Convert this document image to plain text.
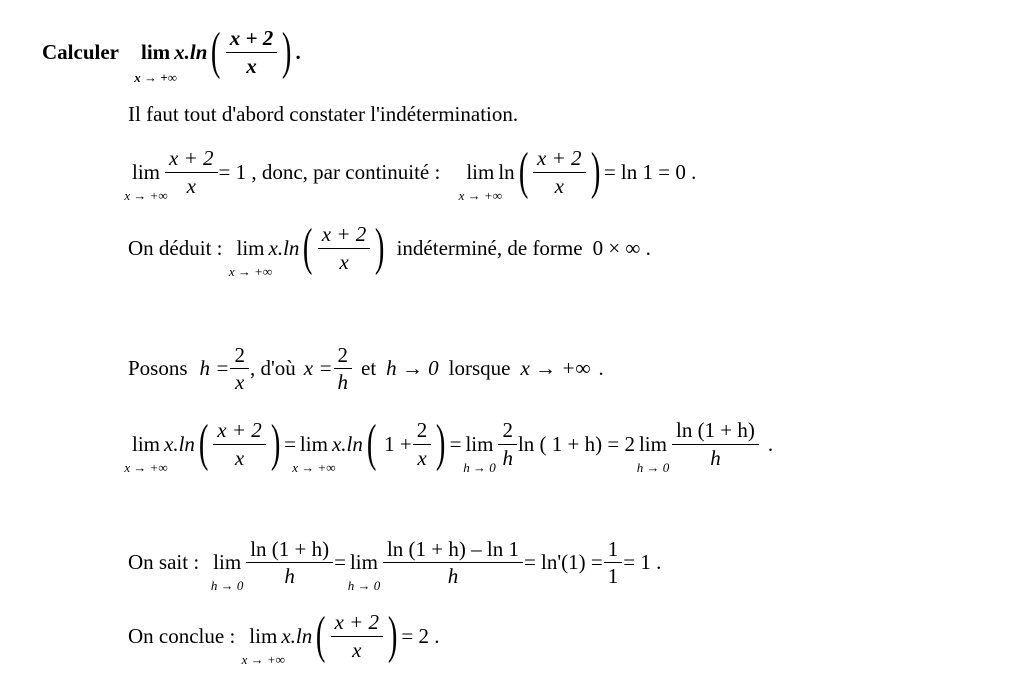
Calculer lim
x → +∞
x.ln ( $\frac{x + 2}{x}$ ) .
Il faut tout d'abord constater l'indétermination.
lim
x → +∞ $\frac{x + 2}{x} = 1$ , donc, par continuité : lim
x → +∞
ln ( $\frac{x + 2}{x}$ ) = ln 1 = 0 .
On déduit : lim
x → +∞
x.ln ( $\frac{x + 2}{x}$ ) indéterminé, de forme 0 × ∞ .
Posons $h = \frac{2}{x}$ , d'où $x = \frac{2}{h}$ et h → 0 lorsque x → +∞ .
lim
x → +∞
x.ln ( $\frac{x + 2}{x}$ ) = lim
x → +∞
x.ln ( $1 + \frac{2}{x}$ ) = lim
$h \to 0 \frac{2}{h}$ ln ( 1 + h) = 2 lim
$h \to 0 \frac{\ln (1 + h)}{h}$ .
On sait : lim
$h \to 0 \frac{\ln (1 + h)}{h} = \lim$
$h \to 0 \frac{\ln (1 + h) - \ln 1}{h} = \ln'(1) = \frac{1}{1} = 1$ .
On conclue : lim
x → +∞
x.ln ( $\frac{x + 2}{x}$ ) = 2 .
